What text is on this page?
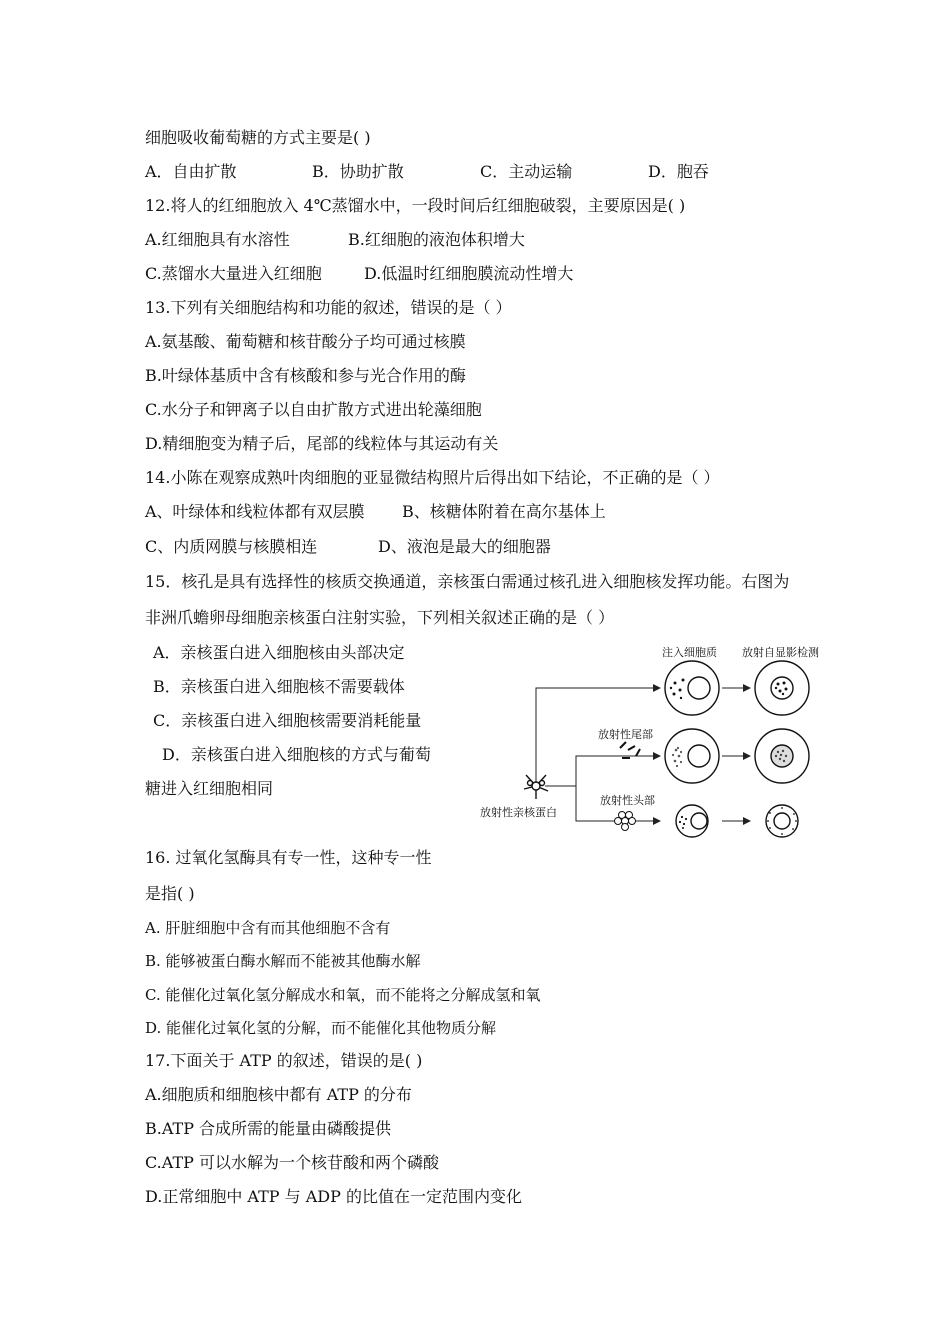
细胞吸收葡萄糖的方式主要是( )
A．自由扩散	B．协助扩散	C．主动运输	D．胞吞
12.将人的红细胞放入 4℃蒸馏水中，一段时间后红细胞破裂，主要原因是( )
A.红细胞具有水溶性	B.红细胞的液泡体积增大
C.蒸馏水大量进入红细胞	D.低温时红细胞膜流动性增大
13.下列有关细胞结构和功能的叙述，错误的是（ ）
A.氨基酸、葡萄糖和核苷酸分子均可通过核膜
B.叶绿体基质中含有核酸和参与光合作用的酶
C.水分子和钾离子以自由扩散方式进出轮藻细胞
D.精细胞变为精子后，尾部的线粒体与其运动有关
14.小陈在观察成熟叶肉细胞的亚显微结构照片后得出如下结论，不正确的是（ ）
A、叶绿体和线粒体都有双层膜 B、核糖体附着在高尔基体上
C、内质网膜与核膜相连	D、液泡是最大的细胞器
15．核孔是具有选择性的核质交换通道，亲核蛋白需通过核孔进入细胞核发挥功能。右图为
非洲爪蟾卵母细胞亲核蛋白注射实验，下列相关叙述正确的是（ ）
A．亲核蛋白进入细胞核由头部决定
B．亲核蛋白进入细胞核不需要载体
C．亲核蛋白进入细胞核需要消耗能量
D．亲核蛋白进入细胞核的方式与葡萄
糖进入红细胞相同
注入细胞质 放射自显影检测
放射性尾部
放射性头部
放射性亲核蛋白
16. 过氧化氢酶具有专一性，这种专一性
是指( )
A. 肝脏细胞中含有而其他细胞不含有
B. 能够被蛋白酶水解而不能被其他酶水解
C. 能催化过氧化氢分解成水和氧，而不能将之分解成氢和氧
D. 能催化过氧化氢的分解，而不能催化其他物质分解
17.下面关于 ATP 的叙述，错误的是( )
A.细胞质和细胞核中都有 ATP 的分布
B.ATP 合成所需的能量由磷酸提供
C.ATP 可以水解为一个核苷酸和两个磷酸
D.正常细胞中 ATP 与 ADP 的比值在一定范围内变化
